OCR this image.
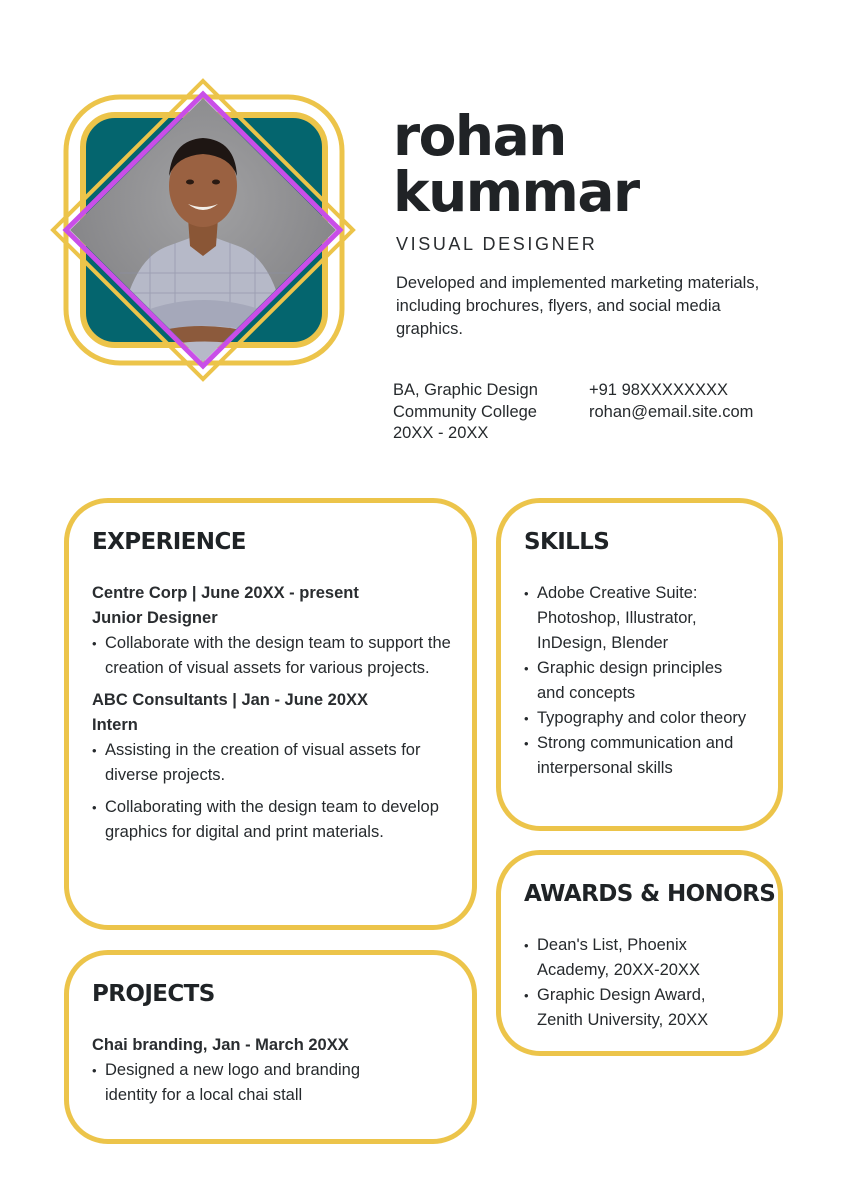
rohan
kummar
VISUAL DESIGNER

Developed and implemented marketing materials, including brochures, flyers, and social media graphics.

BA, Graphic Design
Community College
20XX - 20XX
+91 98XXXXXXXX
rohan@email.site.com
EXPERIENCE

Centre Corp | June 20XX - present

Junior Designer

• Collaborate with the design team to support the creation of visual assets for various projects.

ABC Consultants | Jan - June 20XX

Intern

• Assisting in the creation of visual assets for diverse projects.
• Collaborating with the design team to develop graphics for digital and print materials.
SKILLS
• Adobe Creative Suite: Photoshop, Illustrator, InDesign, Blender
• Graphic design principles and concepts
• Typography and color theory
• Strong communication and interpersonal skills
AWARDS & HONORS
• Dean's List, Phoenix Academy, 20XX-20XX
• Graphic Design Award, Zenith University, 20XX
PROJECTS

Chai branding, Jan - March 20XX

• Designed a new logo and branding identity for a local chai stall
